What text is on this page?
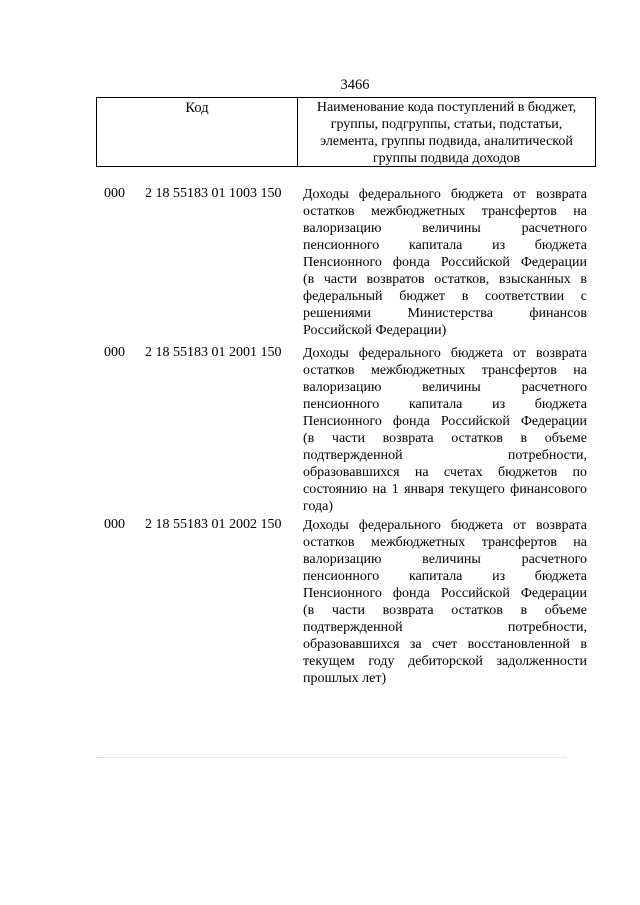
3466
Код	Наименование кода поступлений в бюджет,
группы, подгруппы, статьи, подстатьи,
элемента, группы подвида, аналитической
группы подвида доходов
000 2 18 55183 01 1003 150 Доходы федерального бюджета от возврата
остатков межбюджетных трансфертов на
валоризацию величины расчетного
пенсионного капитала из бюджета
Пенсионного фонда Российской Федерации
(в части возвратов остатков, взысканных в
федеральный бюджет в соответствии с
решениями Министерства финансов
Российской Федерации)
000 2 18 55183 01 2001 150 Доходы федерального бюджета от возврата
остатков межбюджетных трансфертов на
валоризацию величины расчетного
пенсионного капитала из бюджета
Пенсионного фонда Российской Федерации
(в части возврата остатков в объеме
подтвержденной потребности,
образовавшихся на счетах бюджетов по
состоянию на 1 января текущего финансового
года)
000 2 18 55183 01 2002 150 Доходы федерального бюджета от возврата
остатков межбюджетных трансфертов на
валоризацию величины расчетного
пенсионного капитала из бюджета
Пенсионного фонда Российской Федерации
(в части возврата остатков в объеме
подтвержденной потребности,
образовавшихся за счет восстановленной в
текущем году дебиторской задолженности
прошлых лет)
